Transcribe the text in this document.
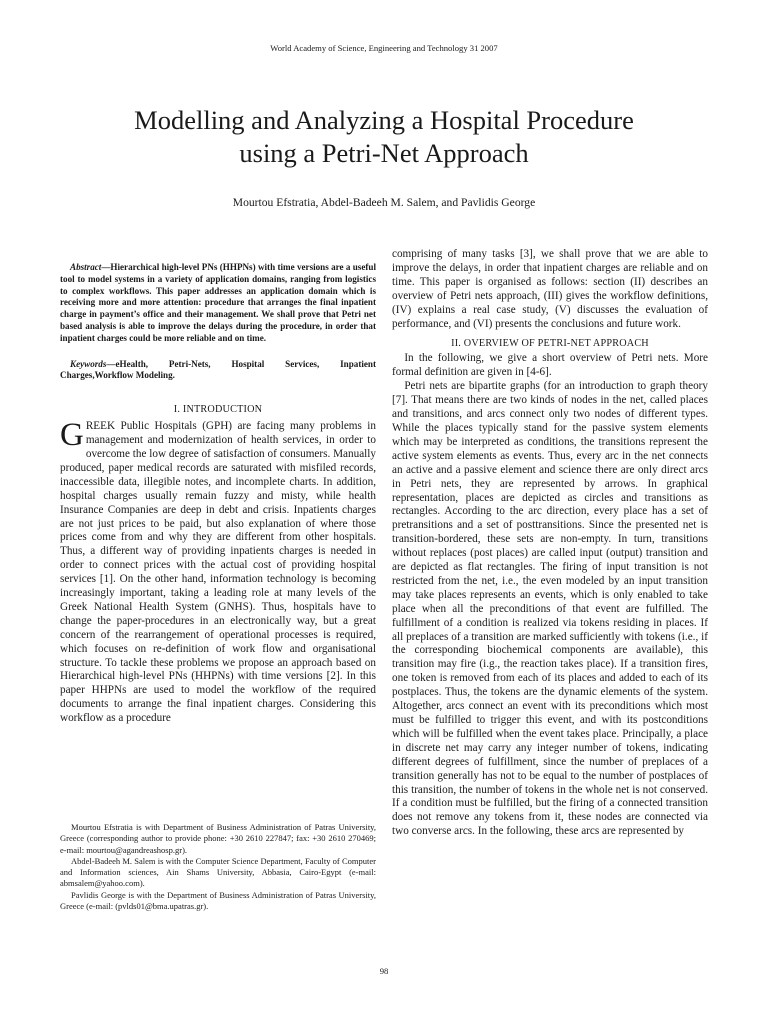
World Academy of Science, Engineering and Technology 31 2007
Modelling and Analyzing a Hospital Procedure
using a Petri-Net Approach
Mourtou Efstratia, Abdel-Badeeh M. Salem, and Pavlidis George

Abstract—Hierarchical high-level PNs (HHPNs) with time versions are a useful tool to model systems in a variety of application domains, ranging from logistics to complex workflows. This paper addresses an application domain which is receiving more and more attention: procedure that arranges the final inpatient charge in payment’s office and their management. We shall prove that Petri net based analysis is able to improve the delays during the procedure, in order that inpatient charges could be more reliable and on time.

Keywords—eHealth, Petri-Nets, Hospital Services, Inpatient Charges,Workflow Modeling.

I. INTRODUCTION

GREEK Public Hospitals (GPH) are facing many problems in management and modernization of health services, in order to overcome the low degree of satisfaction of consumers. Manually produced, paper medical records are saturated with misfiled records, inaccessible data, illegible notes, and incomplete charts. In addition, hospital charges usually remain fuzzy and misty, while health Insurance Companies are deep in debt and crisis. Inpatients charges are not just prices to be paid, but also explanation of where those prices come from and why they are different from other hospitals. Thus, a different way of providing inpatients charges is needed in order to connect prices with the actual cost of providing hospital services [1]. On the other hand, information technology is becoming increasingly important, taking a leading role at many levels of the Greek National Health System (GNHS). Thus, hospitals have to change the paper-procedures in an electronically way, but a great concern of the rearrangement of operational processes is required, which focuses on re-definition of work flow and organisational structure. To tackle these problems we propose an approach based on Hierarchical high-level PNs (HHPNs) with time versions [2]. In this paper HHPNs are used to model the workflow of the required documents to arrange the final inpatient charges. Considering this workflow as a procedure

Mourtou Efstratia is with Department of Business Administration of Patras University, Greece (corresponding author to provide phone: +30 2610 227847; fax: +30 2610 270469; e-mail: mourtou@agandreashosp.gr).

Abdel-Badeeh M. Salem is with the Computer Science Department, Faculty of Computer and Information sciences, Ain Shams University, Abbasia, Cairo-Egypt (e-mail: abmsalem@yahoo.com).

Pavlidis George is with the Department of Business Administration of Patras University, Greece (e-mail: (pvlds01@bma.upatras.gr).

comprising of many tasks [3], we shall prove that we are able to improve the delays, in order that inpatient charges are reliable and on time. This paper is organised as follows: section (II) describes an overview of Petri nets approach, (III) gives the workflow definitions, (IV) explains a real case study, (V) discusses the evaluation of performance, and (VI) presents the conclusions and future work.

II. OVERVIEW OF PETRI-NET APPROACH

In the following, we give a short overview of Petri nets. More formal definition are given in [4-6].

Petri nets are bipartite graphs (for an introduction to graph theory [7]. That means there are two kinds of nodes in the net, called places and transitions, and arcs connect only two nodes of different types. While the places typically stand for the passive system elements which may be interpreted as conditions, the transitions represent the active system elements as events. Thus, every arc in the net connects an active and a passive element and science there are only direct arcs in Petri nets, they are represented by arrows. In graphical representation, places are depicted as circles and transitions as rectangles. According to the arc direction, every place has a set of pretransitions and a set of posttransitions. Since the presented net is transition-bordered, these sets are non-empty. In turn, transitions without replaces (post places) are called input (output) transition and are depicted as flat rectangles. The firing of input transition is not restricted from the net, i.e., the even modeled by an input transition may take places represents an events, which is only enabled to take place when all the preconditions of that event are fulfilled. The fulfillment of a condition is realized via tokens residing in places. If all preplaces of a transition are marked sufficiently with tokens (i.e., if the corresponding biochemical components are available), this transition may fire (i.g., the reaction takes place). If a transition fires, one token is removed from each of its places and added to each of its postplaces. Thus, the tokens are the dynamic elements of the system. Altogether, arcs connect an event with its preconditions which most must be fulfilled to trigger this event, and with its postconditions which will be fulfilled when the event takes place. Principally, a place in discrete net may carry any integer number of tokens, indicating different degrees of fulfillment, since the number of preplaces of a transition generally has not to be equal to the number of postplaces of this transition, the number of tokens in the whole net is not conserved. If a condition must be fulfilled, but the firing of a connected transition does not remove any tokens from it, these nodes are connected via two converse arcs. In the following, these arcs are represented by

98
